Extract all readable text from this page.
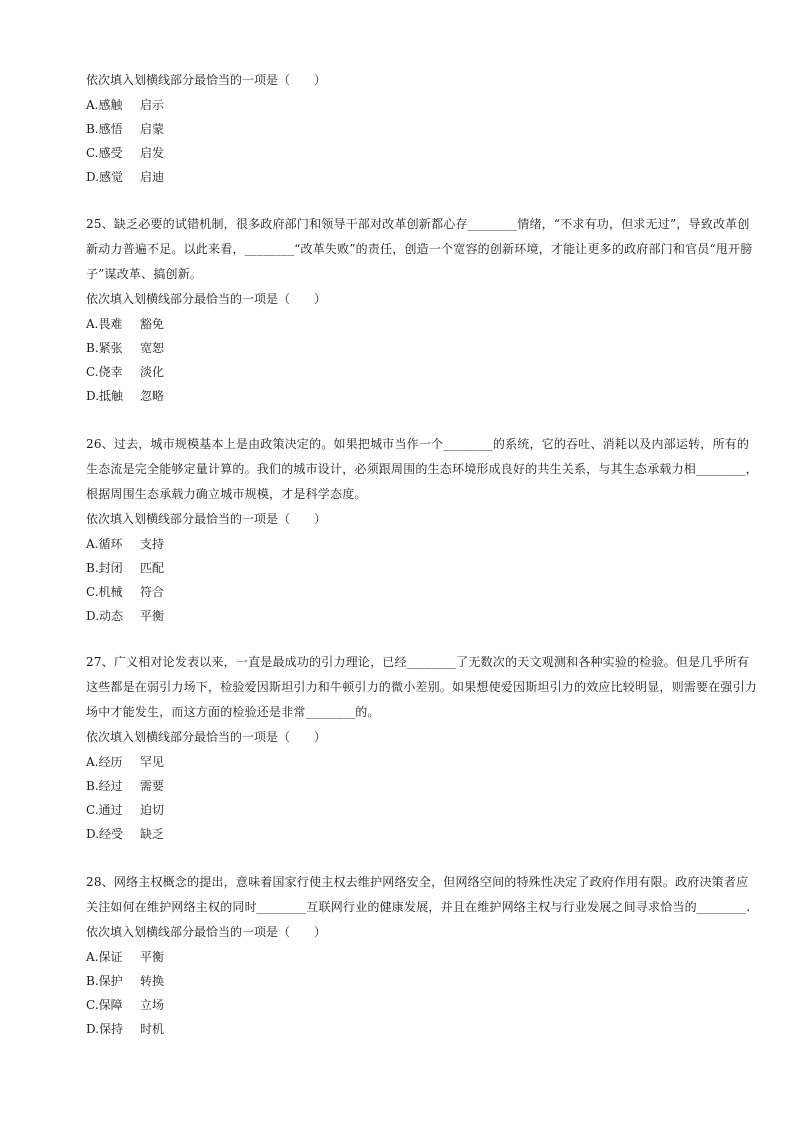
依次填入划横线部分最恰当的一项是（　　）
A.感触 启示
B.感悟 启蒙
C.感受 启发
D.感觉 启迪
25、缺乏必要的试错机制，很多政府部门和领导干部对改革创新都心存________情绪，“不求有功，但求无过”，导致改革创新动力普遍不足。以此来看，________“改革失败”的责任，创造一个宽容的创新环境，才能让更多的政府部门和官员“甩开膀子”谋改革、搞创新。
依次填入划横线部分最恰当的一项是（　　）
A.畏难 豁免
B.紧张 宽恕
C.侥幸 淡化
D.抵触 忽略
26、过去，城市规模基本上是由政策决定的。如果把城市当作一个________的系统，它的吞吐、消耗以及内部运转，所有的生态流是完全能够定量计算的。我们的城市设计，必须跟周围的生态环境形成良好的共生关系，与其生态承载力相________，根据周围生态承载力确立城市规模，才是科学态度。
依次填入划横线部分最恰当的一项是（　　）
A.循环 支持
B.封闭 匹配
C.机械 符合
D.动态 平衡
27、广义相对论发表以来，一直是最成功的引力理论，已经________了无数次的天文观测和各种实验的检验。但是几乎所有这些都是在弱引力场下，检验爱因斯坦引力和牛顿引力的微小差别。如果想使爱因斯坦引力的效应比较明显，则需要在强引力场中才能发生，而这方面的检验还是非常________的。
依次填入划横线部分最恰当的一项是（　　）
A.经历 罕见
B.经过 需要
C.通过 迫切
D.经受 缺乏
28、网络主权概念的提出，意味着国家行使主权去维护网络安全，但网络空间的特殊性决定了政府作用有限。政府决策者应关注如何在维护网络主权的同时________互联网行业的健康发展，并且在维护网络主权与行业发展之间寻求恰当的________.
依次填入划横线部分最恰当的一项是（　　）
A.保证 平衡
B.保护 转换
C.保障 立场
D.保持 时机
